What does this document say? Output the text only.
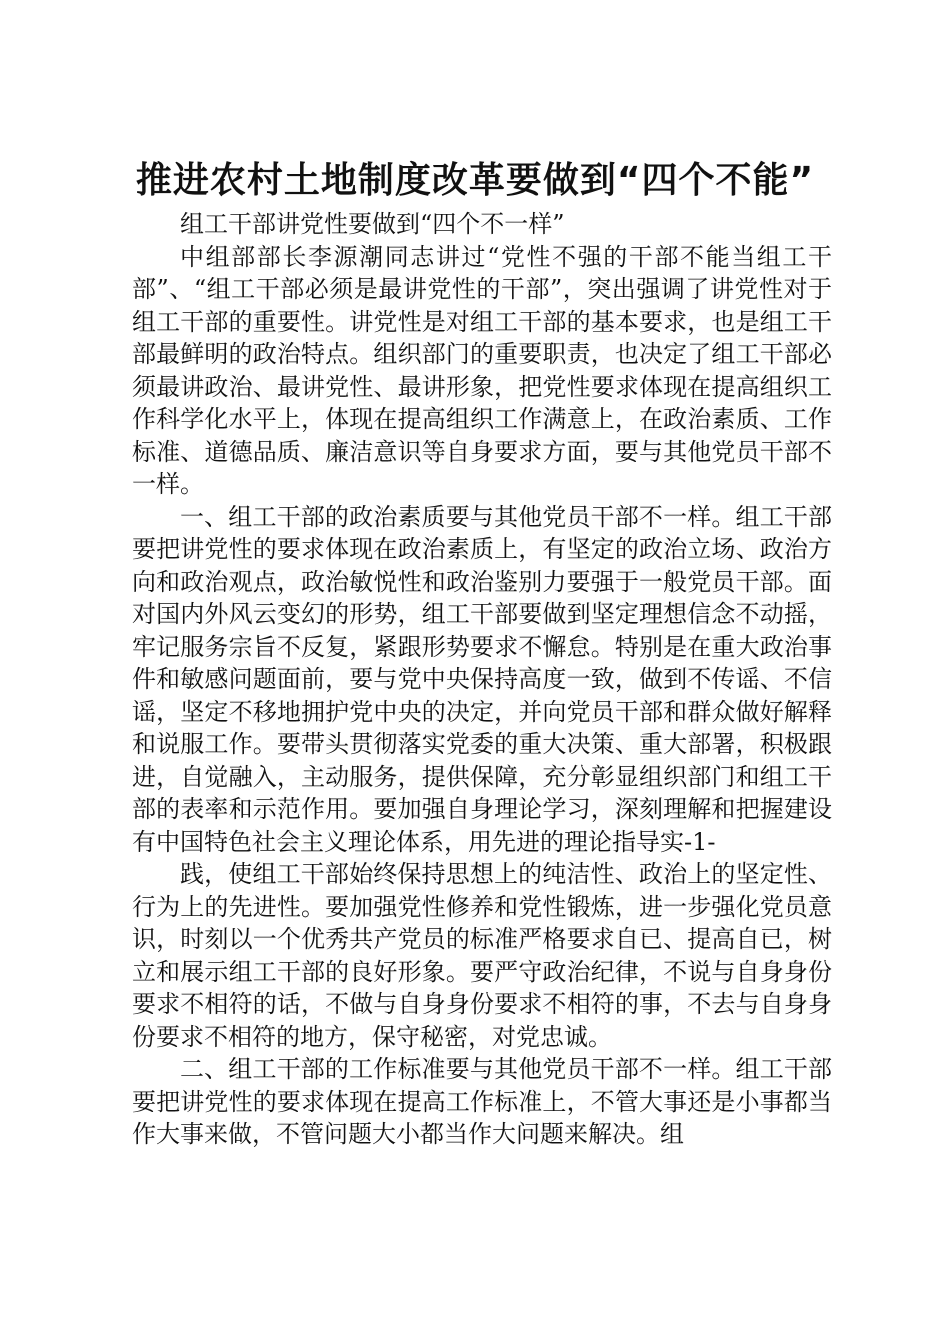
推进农村土地制度改革要做到“四个不能”

组工干部讲党性要做到“四个不一样”

中组部部长李源潮同志讲过“党性不强的干部不能当组工干部”、“组工干部必须是最讲党性的干部”，突出强调了讲党性对于组工干部的重要性。讲党性是对组工干部的基本要求，也是组工干部最鲜明的政治特点。组织部门的重要职责，也决定了组工干部必须最讲政治、最讲党性、最讲形象，把党性要求体现在提高组织工作科学化水平上，体现在提高组织工作满意上，在政治素质、工作标准、道德品质、廉洁意识等自身要求方面，要与其他党员干部不一样。

一、组工干部的政治素质要与其他党员干部不一样。组工干部要把讲党性的要求体现在政治素质上，有坚定的政治立场、政治方向和政治观点，政治敏悦性和政治鉴别力要强于一般党员干部。面对国内外风云变幻的形势，组工干部要做到坚定理想信念不动摇，牢记服务宗旨不反复，紧跟形势要求不懈怠。特别是在重大政治事件和敏感问题面前，要与党中央保持高度一致，做到不传谣、不信谣，坚定不移地拥护党中央的决定，并向党员干部和群众做好解释和说服工作。要带头贯彻落实党委的重大决策、重大部署，积极跟进，自觉融入，主动服务，提供保障，充分彰显组织部门和组工干部的表率和示范作用。要加强自身理论学习，深刻理解和把握建设有中国特色社会主义理论体系，用先进的理论指导实-1-

践，使组工干部始终保持思想上的纯洁性、政治上的坚定性、行为上的先进性。要加强党性修养和党性锻炼，进一步强化党员意识，时刻以一个优秀共产党员的标准严格要求自已、提高自已，树立和展示组工干部的良好形象。要严守政治纪律，不说与自身身份要求不相符的话，不做与自身身份要求不相符的事，不去与自身身份要求不相符的地方，保守秘密，对党忠诚。

二、组工干部的工作标准要与其他党员干部不一样。组工干部要把讲党性的要求体现在提高工作标准上，不管大事还是小事都当作大事来做，不管问题大小都当作大问题来解决。组
